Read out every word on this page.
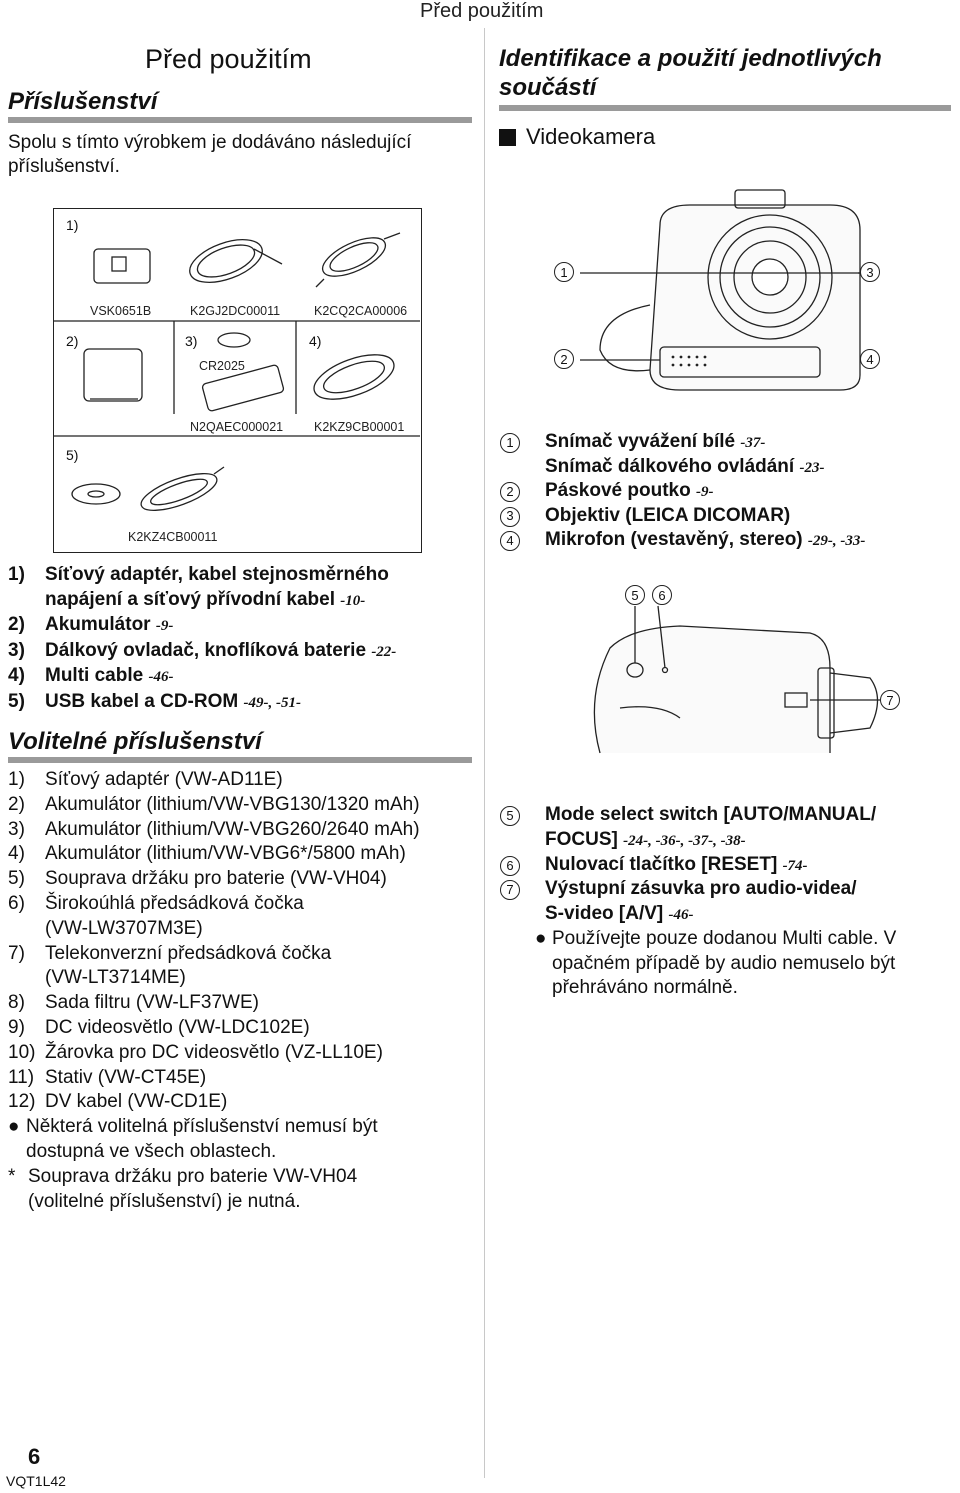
Před použitím
Před použitím
Příslušenství
Spolu s tímto výrobkem je dodáváno následující příslušenství.
1)
VSK0651B	K2GJ2DC00011	K2CQ2CA00006
2)	3)	4)
CR2025
N2QAEC000021 K2KZ9CB00001
5)
K2KZ4CB00011
1)	Síťový adaptér, kabel stejnosměrného
napájení a síťový přívodní kabel -10-
2)	Akumulátor -9-
3)	Dálkový ovladač, knoflíková baterie -22-
4)	Multi cable -46-
5)	USB kabel a CD-ROM -49-, -51-
Volitelné příslušenství
1)	Síťový adaptér (VW-AD11E)
2)	Akumulátor (lithium/VW-VBG130/1320 mAh)
3)	Akumulátor (lithium/VW-VBG260/2640 mAh)
4)	Akumulátor (lithium/VW-VBG6*/5800 mAh)
5)	Souprava držáku pro baterie (VW-VH04)
6)	Širokoúhlá předsádková čočka
(VW-LW3707M3E)
7)	Telekonverzní předsádková čočka
(VW-LT3714ME)
8)	Sada filtru (VW-LF37WE)
9)	DC videosvětlo (VW-LDC102E)
10) Žárovka pro DC videosvětlo (VZ-LL10E)
11) Stativ (VW-CT45E)
12) DV kabel (VW-CD1E)
● Některá volitelná příslušenství nemusí být
dostupná ve všech oblastech.
* Souprava držáku pro baterie VW-VH04
(volitelné příslušenství) je nutná.
Identifikace a použití jednotlivých
součástí
Videokamera
1	3
2	4
1	Snímač vyvážení bílé -37-
Snímač dálkového ovládání -23-
2	Páskové poutko -9-
3	Objektiv (LEICA DICOMAR)
4	Mikrofon (vestavěný, stereo) -29-, -33-
5	6
7
5	Mode select switch [AUTO/MANUAL/
FOCUS] -24-, -36-, -37-, -38-
6	Nulovací tlačítko [RESET] -74-
7	Výstupní zásuvka pro audio-videa/
S-video [A/V] -46-
● Používejte pouze dodanou Multi cable. V
opačném případě by audio nemuselo být
přehráváno normálně.
6
VQT1L42
